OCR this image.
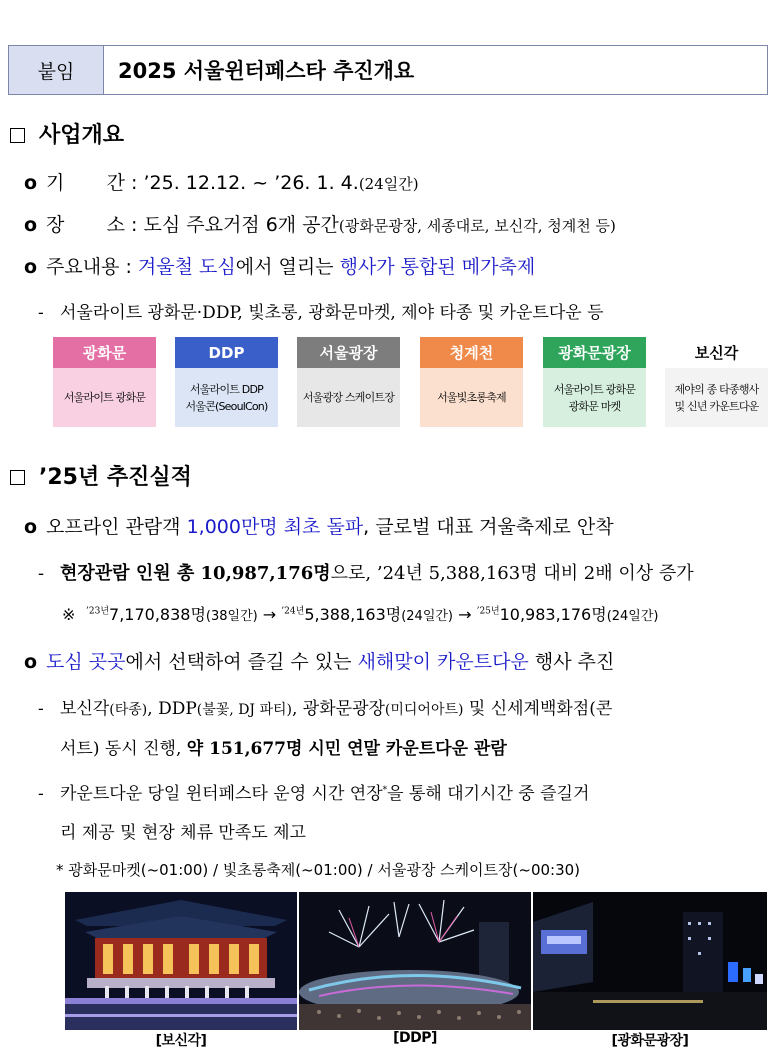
붙임	2025 서울윈터페스타 추진개요
사업개요
o 기       간 : ’25. 12.12. ~ ’26. 1. 4.(24일간)
o 장       소 : 도심 주요거점 6개 공간(광화문광장, 세종대로, 보신각, 청계천 등)
o 주요내용 : 겨울철 도심에서 열리는 행사가 통합된 메가축제
- 서울라이트 광화문·DDP, 빛초롱, 광화문마켓, 제야 타종 및 카운트다운 등
광화문
서울라이트 광화문
DDP
서울라이트 DDP
서울콘(SeoulCon)
서울광장
서울광장 스케이트장
청계천
서울빛초롱축제
광화문광장
서울라이트 광화문
광화문 마켓
보신각
제야의 종 타종행사
및 신년 카운트다운
’25년 추진실적
o 오프라인 관람객 1,000만명 최초 돌파, 글로벌 대표 겨울축제로 안착
- 현장관람 인원 총 10,987,176명으로, ’24년 5,388,163명 대비 2배 이상 증가
※ $^{’23년}$7,170,838명(38일간) → $^{’24년}$5,388,163명(24일간) → $^{’25년}$10,983,176명(24일간)
o 도심 곳곳에서 선택하여 즐길 수 있는 새해맞이 카운트다운 행사 추진
- 보신각(타종), DDP(불꽃, DJ 파티), 광화문광장(미디어아트) 및 신세계백화점(콘
서트) 동시 진행, 약 151,677명 시민 연말 카운트다운 관람
- 카운트다운 당일 윈터페스타 운영 시간 연장*을 통해 대기시간 중 즐길거
리 제공 및 현장 체류 만족도 제고
* 광화문마켓(~01:00) / 빛초롱축제(~01:00) / 서울광장 스케이트장(~00:30)
[보신각]	[DDP]	[광화문광장]
